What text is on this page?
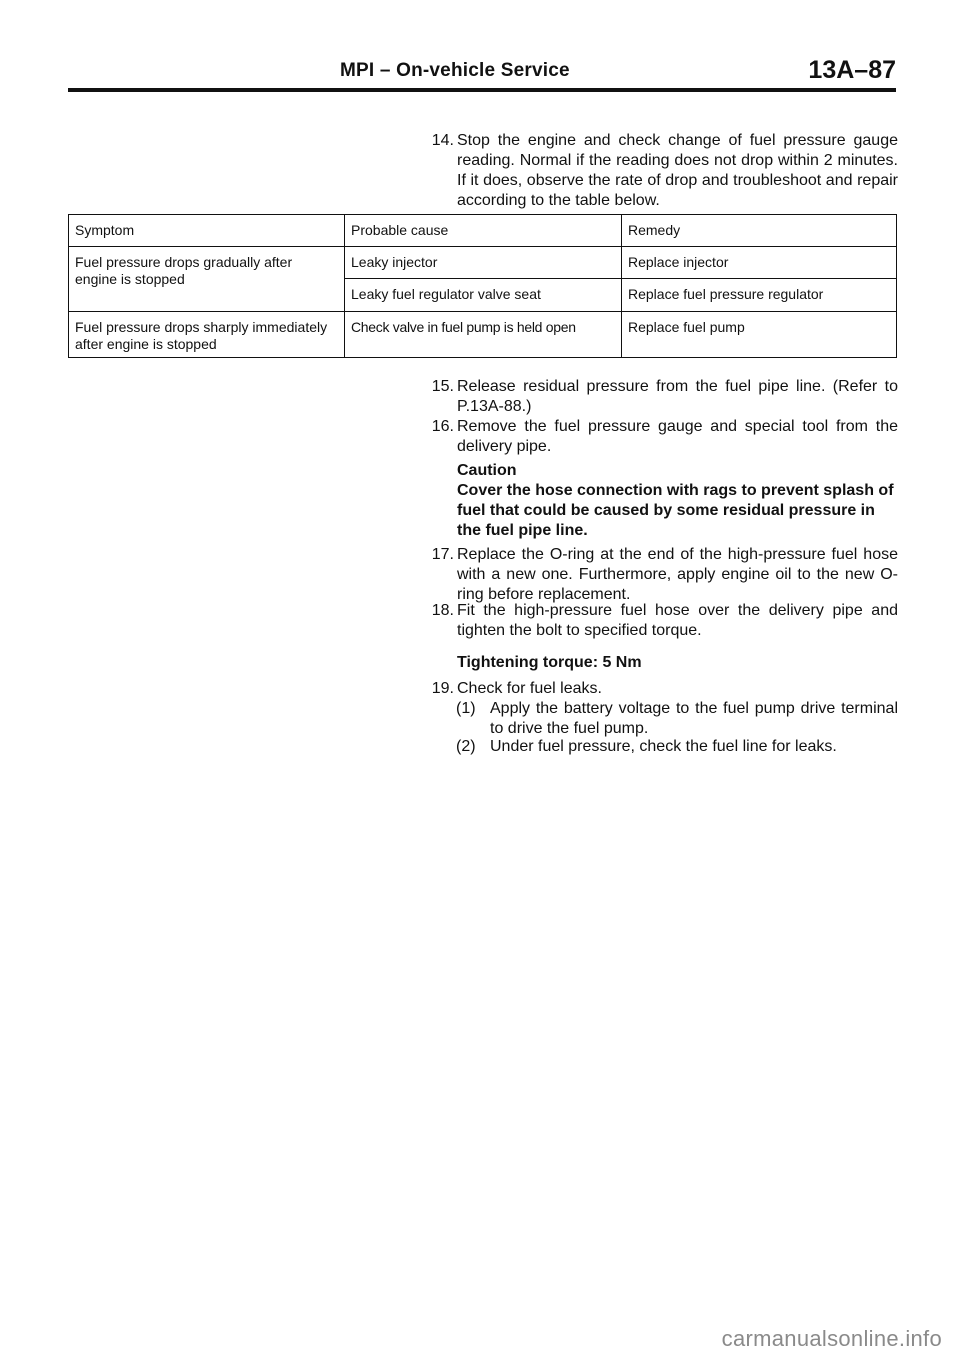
MPI – On-vehicle Service	13A–87
14. Stop the engine and check change of fuel pressure gauge reading. Normal if the reading does not drop within 2 minutes. If it does, observe the rate of drop and troubleshoot and repair according to the table below.
Symptom	Probable cause	Remedy
Fuel pressure drops gradually after engine is stopped	Leaky injector	Replace injector
	Leaky fuel regulator valve seat	Replace fuel pressure regulator
Fuel pressure drops sharply immediately after engine is stopped	Check valve in fuel pump is held open	Replace fuel pump
15. Release residual pressure from the fuel pipe line. (Refer to P.13A-88.)
16. Remove the fuel pressure gauge and special tool from the delivery pipe.
Caution
Cover the hose connection with rags to prevent splash of fuel that could be caused by some residual pressure in the fuel pipe line.
17. Replace the O-ring at the end of the high-pressure fuel hose with a new one. Furthermore, apply engine oil to the new O-ring before replacement.
18. Fit the high-pressure fuel hose over the delivery pipe and tighten the bolt to specified torque.
Tightening torque: 5 Nm
19. Check for fuel leaks.
(1) Apply the battery voltage to the fuel pump drive terminal to drive the fuel pump.
(2) Under fuel pressure, check the fuel line for leaks.
carmanualsonline.info
